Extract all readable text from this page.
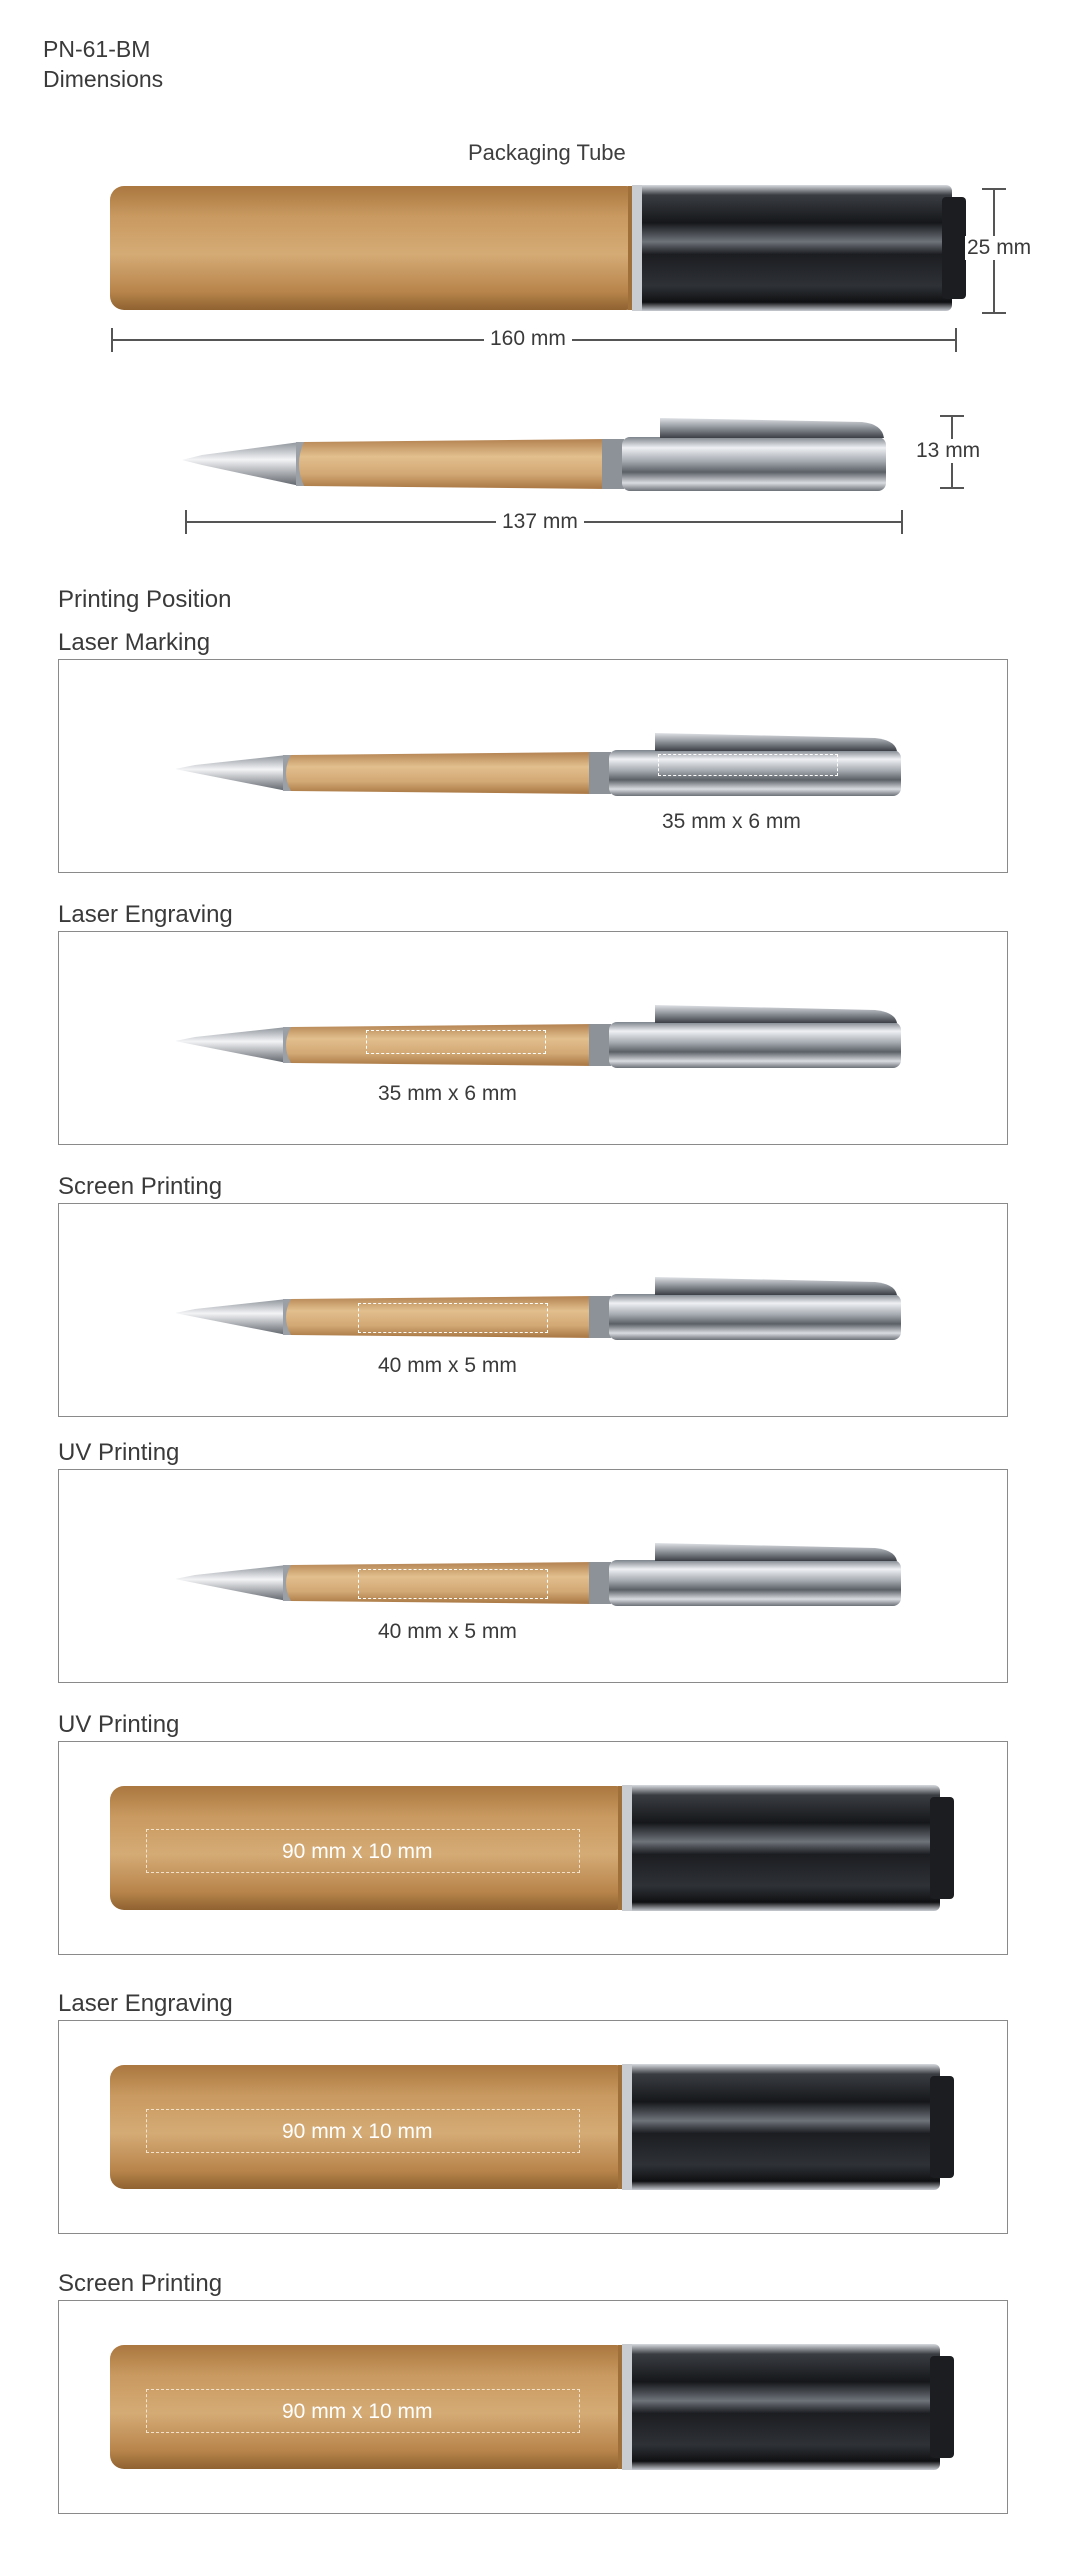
PN-61-BM
Dimensions
Packaging Tube
160 mm
25 mm
137 mm
13 mm
Printing Position
Laser Marking
35 mm x 6 mm
Laser Engraving
35 mm x 6 mm
Screen Printing
40 mm x 5 mm
UV Printing
40 mm x 5 mm
UV Printing
90 mm x 10 mm
Laser Engraving
90 mm x 10 mm
Screen Printing
90 mm x 10 mm
